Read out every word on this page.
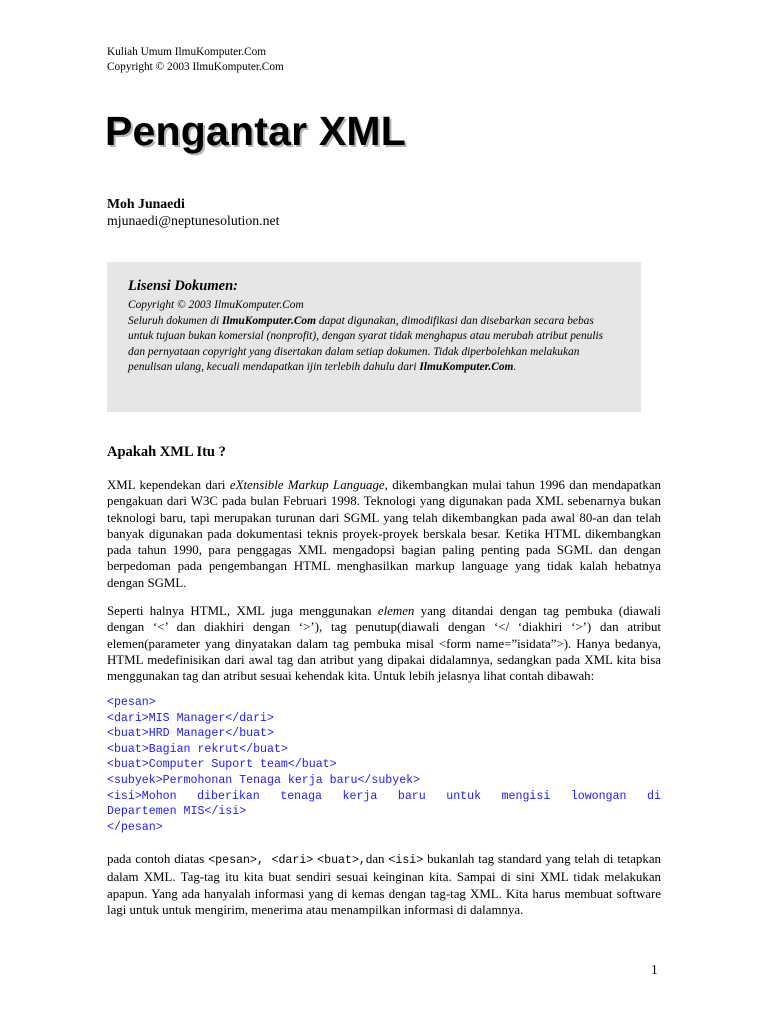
Kuliah Umum IlmuKomputer.Com
Copyright © 2003 IlmuKomputer.Com
Pengantar XML
Moh Junaedi
mjunaedi@neptunesolution.net
Lisensi Dokumen:

Copyright © 2003 IlmuKomputer.Com

Seluruh dokumen di IlmuKomputer.Com dapat digunakan, dimodifikasi dan disebarkan secara bebas untuk tujuan bukan komersial (nonprofit), dengan syarat tidak menghapus atau merubah atribut penulis dan pernyataan copyright yang disertakan dalam setiap dokumen. Tidak diperbolehkan melakukan penulisan ulang, kecuali mendapatkan ijin terlebih dahulu dari IlmuKomputer.Com.

Apakah XML Itu ?

XML kependekan dari eXtensible Markup Language, dikembangkan mulai tahun 1996 dan mendapatkan pengakuan dari W3C pada bulan Februari 1998. Teknologi yang digunakan pada XML sebenarnya bukan teknologi baru, tapi merupakan turunan dari SGML yang telah dikembangkan pada awal 80-an dan telah banyak digunakan pada dokumentasi teknis proyek-proyek berskala besar. Ketika HTML dikembangkan pada tahun 1990, para penggagas XML mengadopsi bagian paling penting pada SGML dan dengan berpedoman pada pengembangan HTML menghasilkan markup language yang tidak kalah hebatnya dengan SGML.

Seperti halnya HTML, XML juga menggunakan elemen yang ditandai dengan tag pembuka (diawali dengan ‘<’ dan diakhiri dengan ‘>’), tag penutup(diawali dengan ‘</ ‘diakhiri ‘>’) dan atribut elemen(parameter yang dinyatakan dalam tag pembuka misal <form name=”isidata”>). Hanya bedanya, HTML medefinisikan dari awal tag dan atribut yang dipakai didalamnya, sedangkan pada XML kita bisa menggunakan tag dan atribut sesuai kehendak kita. Untuk lebih jelasnya lihat contah dibawah:

<pesan>
<dari>MIS Manager</dari>
<buat>HRD Manager</buat>
<buat>Bagian rekrut</buat>
<buat>Computer Suport team</buat>
<subyek>Permohonan Tenaga kerja baru</subyek>
<isi>Mohon diberikan tenaga kerja baru untuk mengisi lowongan di
Departemen MIS</isi>
</pesan>

pada contoh diatas <pesan>, <dari> <buat>,dan <isi> bukanlah tag standard yang telah di tetapkan dalam XML. Tag-tag itu kita buat sendiri sesuai keinginan kita. Sampai di sini XML tidak melakukan apapun. Yang ada hanyalah informasi yang di kemas dengan tag-tag XML. Kita harus membuat software lagi untuk untuk mengirim, menerima atau menampilkan informasi di dalamnya.

1
